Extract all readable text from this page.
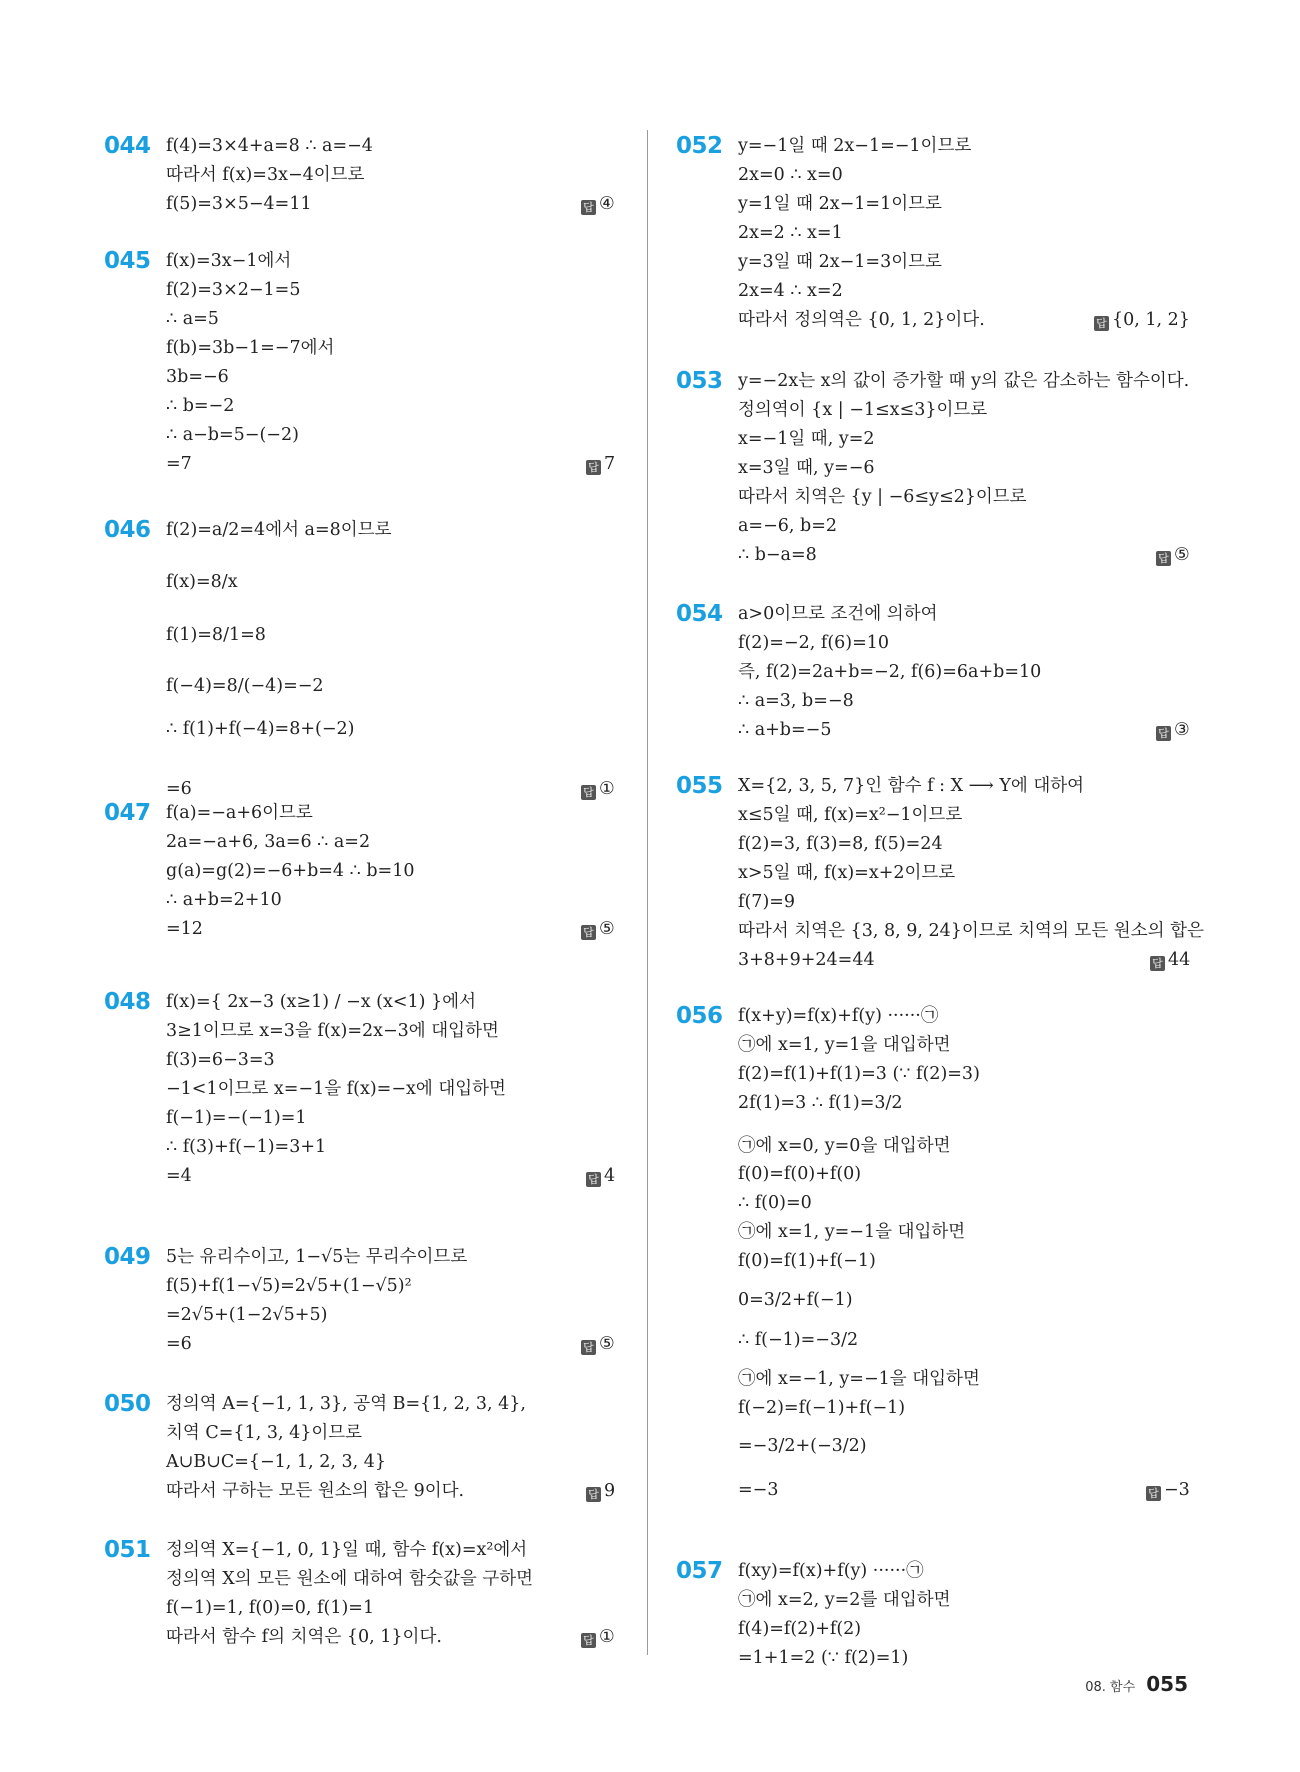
044 f(4)=3×4+a=8 ∴ a=−4
따라서 f(x)=3x−4이므로
f(5)=3×5−4=11	답 ④
045 f(x)=3x−1에서
f(2)=3×2−1=5
∴ a=5
f(b)=3b−1=−7에서
3b=−6
∴ b=−2
∴ a−b=5−(−2)
=7	답 7
046 f(2)=a/2=4에서 a=8이므로
f(x)=8/x
f(1)=8/1=8
f(−4)=8/(−4)=−2
∴ f(1)+f(−4)=8+(−2)
=6	답 ①
047 f(a)=−a+6이므로
2a=−a+6, 3a=6 ∴ a=2
g(a)=g(2)=−6+b=4 ∴ b=10
∴ a+b=2+10
=12	답 ⑤
048 f(x)={ 2x−3 (x≥1) / −x (x<1) }에서
3≥1이므로 x=3을 f(x)=2x−3에 대입하면
f(3)=6−3=3
−1<1이므로 x=−1을 f(x)=−x에 대입하면
f(−1)=−(−1)=1
∴ f(3)+f(−1)=3+1
=4	답 4
049 5는 유리수이고, 1−√5는 무리수이므로
f(5)+f(1−√5)=2√5+(1−√5)²
=2√5+(1−2√5+5)
=6	답 ⑤
050 정의역 A={−1, 1, 3}, 공역 B={1, 2, 3, 4},
치역 C={1, 3, 4}이므로
A∪B∪C={−1, 1, 2, 3, 4}
따라서 구하는 모든 원소의 합은 9이다.	답 9
051 정의역 X={−1, 0, 1}일 때, 함수 f(x)=x²에서
정의역 X의 모든 원소에 대하여 함숫값을 구하면
f(−1)=1, f(0)=0, f(1)=1
따라서 함수 f의 치역은 {0, 1}이다.	답 ①
052 y=−1일 때 2x−1=−1이므로
2x=0 ∴ x=0
y=1일 때 2x−1=1이므로
2x=2 ∴ x=1
y=3일 때 2x−1=3이므로
2x=4 ∴ x=2
따라서 정의역은 {0, 1, 2}이다.	답 {0, 1, 2}
053 y=−2x는 x의 값이 증가할 때 y의 값은 감소하는 함수이다.
정의역이 {x | −1≤x≤3}이므로
x=−1일 때, y=2
x=3일 때, y=−6
따라서 치역은 {y | −6≤y≤2}이므로
a=−6, b=2
∴ b−a=8	답 ⑤
054 a>0이므로 조건에 의하여
f(2)=−2, f(6)=10
즉, f(2)=2a+b=−2, f(6)=6a+b=10
∴ a=3, b=−8
∴ a+b=−5	답 ③
055 X={2, 3, 5, 7}인 함수 f : X ⟶ Y에 대하여
x≤5일 때, f(x)=x²−1이므로
f(2)=3, f(3)=8, f(5)=24
x>5일 때, f(x)=x+2이므로
f(7)=9
따라서 치역은 {3, 8, 9, 24}이므로 치역의 모든 원소의 합은
3+8+9+24=44	답 44
056 f(x+y)=f(x)+f(y) ······㉠
㉠에 x=1, y=1을 대입하면
f(2)=f(1)+f(1)=3 (∵ f(2)=3)
2f(1)=3 ∴ f(1)=3/2
㉠에 x=0, y=0을 대입하면
f(0)=f(0)+f(0)
∴ f(0)=0
㉠에 x=1, y=−1을 대입하면
f(0)=f(1)+f(−1)
0=3/2+f(−1)
∴ f(−1)=−3/2
㉠에 x=−1, y=−1을 대입하면
f(−2)=f(−1)+f(−1)
=−3/2+(−3/2)
=−3	답 −3
057 f(xy)=f(x)+f(y) ······㉠
㉠에 x=2, y=2를 대입하면
f(4)=f(2)+f(2)
=1+1=2 (∵ f(2)=1)
08. 함수 055
